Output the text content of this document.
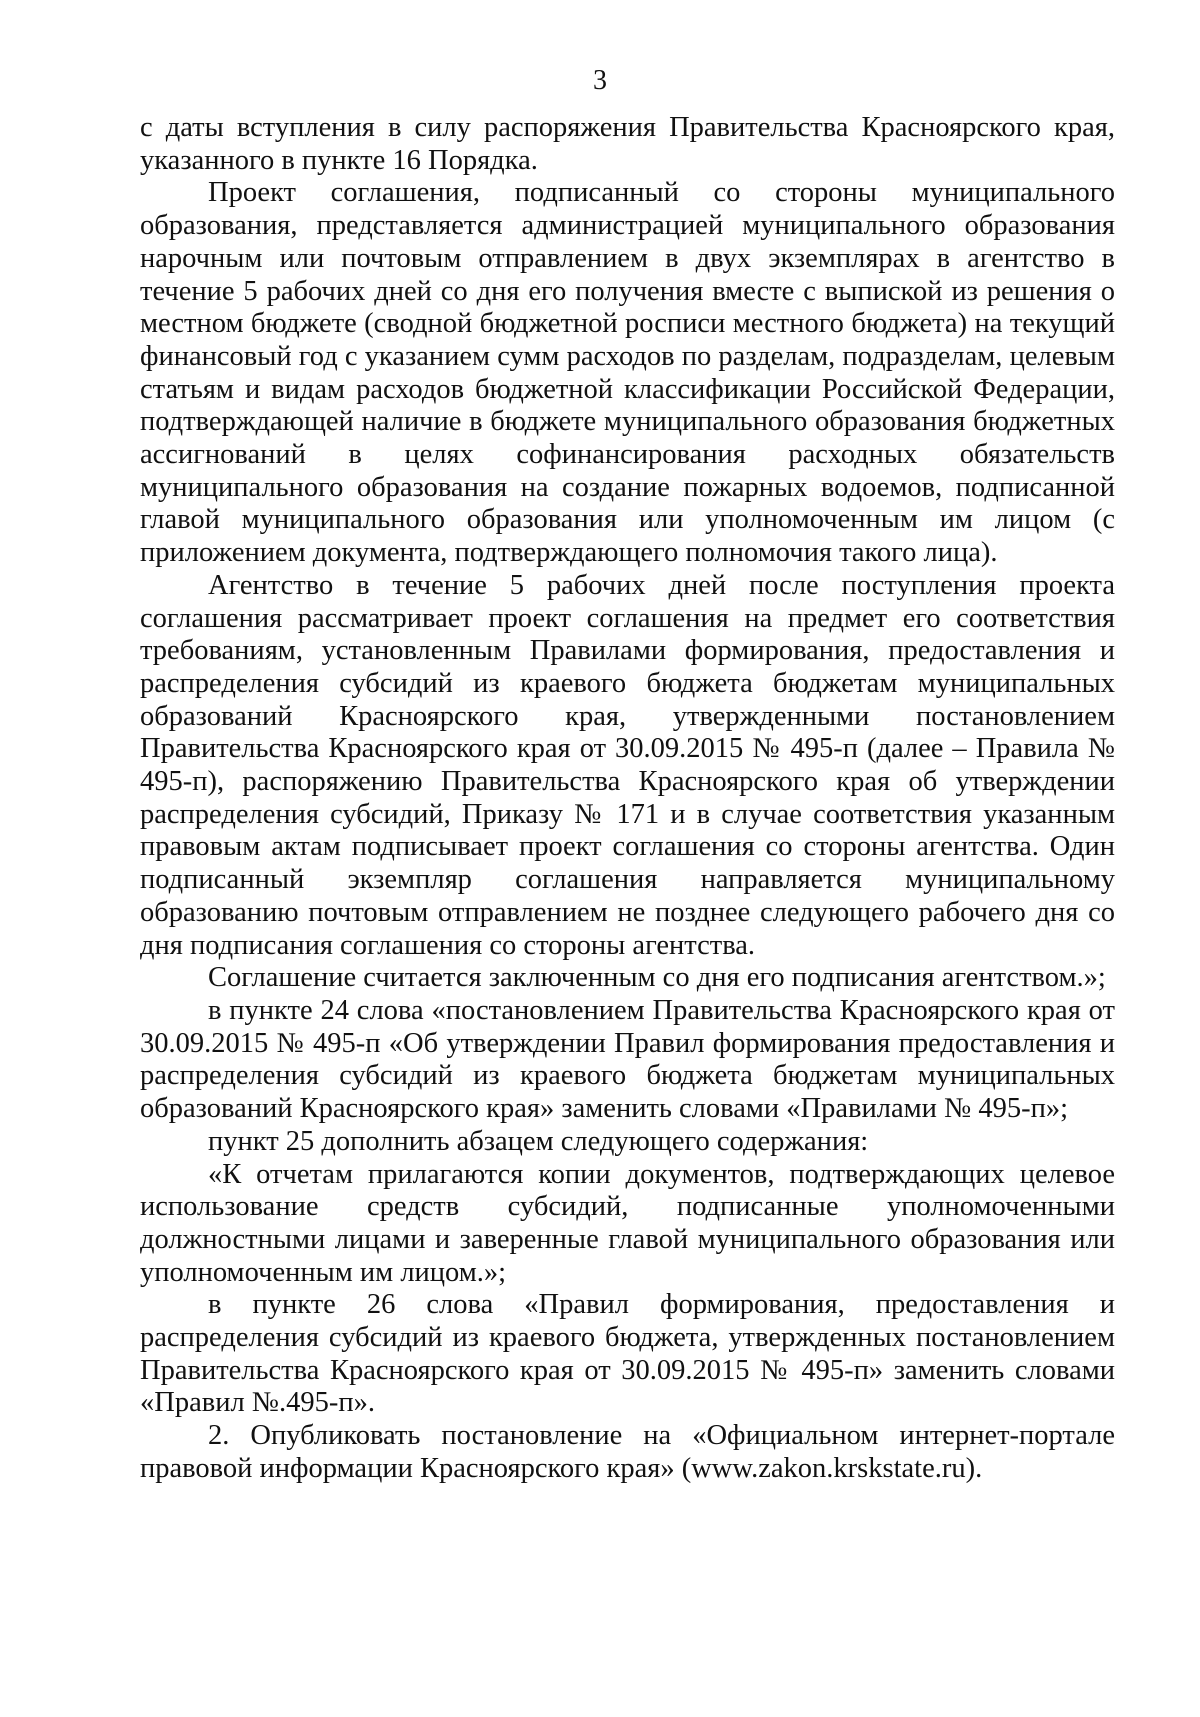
3

с даты вступления в силу распоряжения Правительства Красноярского края, указанного в пункте 16 Порядка.

Проект соглашения, подписанный со стороны муниципального образования, представляется администрацией муниципального образования нарочным или почтовым отправлением в двух экземплярах в агентство в течение 5 рабочих дней со дня его получения вместе с выпиской из решения о местном бюджете (сводной бюджетной росписи местного бюджета) на текущий финансовый год с указанием сумм расходов по разделам, подразделам, целевым статьям и видам расходов бюджетной классификации Российской Федерации, подтверждающей наличие в бюджете муниципального образования бюджетных ассигнований в целях софинансирования расходных обязательств муниципального образования на создание пожарных водоемов, подписанной главой муниципального образования или уполномоченным им лицом (с приложением документа, подтверждающего полномочия такого лица).

Агентство в течение 5 рабочих дней после поступления проекта соглашения рассматривает проект соглашения на предмет его соответствия требованиям, установленным Правилами формирования, предоставления и распределения субсидий из краевого бюджета бюджетам муниципальных образований Красноярского края, утвержденными постановлением Правительства Красноярского края от 30.09.2015 № 495-п (далее – Правила № 495-п), распоряжению Правительства Красноярского края об утверждении распределения субсидий, Приказу № 171 и в случае соответствия указанным правовым актам подписывает проект соглашения со стороны агентства. Один подписанный экземпляр соглашения направляется муниципальному образованию почтовым отправлением не позднее следующего рабочего дня со дня подписания соглашения со стороны агентства.

Соглашение считается заключенным со дня его подписания агентством.»;

в пункте 24 слова «постановлением Правительства Красноярского края от 30.09.2015 № 495-п «Об утверждении Правил формирования предоставления и распределения субсидий из краевого бюджета бюджетам муниципальных образований Красноярского края» заменить словами «Правилами № 495-п»;

пункт 25 дополнить абзацем следующего содержания:

«К отчетам прилагаются копии документов, подтверждающих целевое использование средств субсидий, подписанные уполномоченными должностными лицами и заверенные главой муниципального образования или уполномоченным им лицом.»;

в пункте 26 слова «Правил формирования, предоставления и распределения субсидий из краевого бюджета, утвержденных постановлением Правительства Красноярского края от 30.09.2015 № 495-п» заменить словами «Правил №.495-п».

2. Опубликовать постановление на «Официальном интернет-портале правовой информации Красноярского края» (www.zakon.krskstate.ru).
